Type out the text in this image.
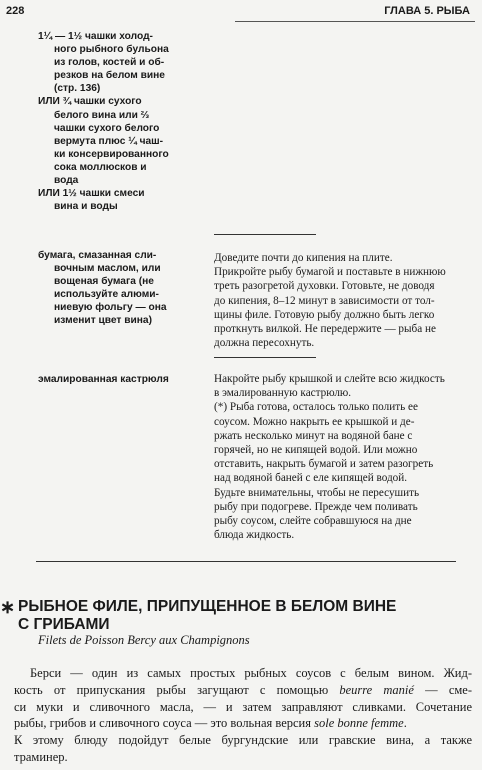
228	ГЛАВА 5. РЫБА
1¼ — 1½ чашки холод-
ного рыбного бульона
из голов, костей и об-
резков на белом вине
(стр. 136)
ИЛИ ¾ чашки сухого
белого вина или ⅔
чашки сухого белого
вермута плюс ¼ чаш-
ки консервированного
сока моллюсков и
вода
ИЛИ 1½ чашки смеси
вина и воды
бумага, смазанная сли-
вочным маслом, или
вощеная бумага (не
используйте алюми-
ниевую фольгу — она
изменит цвет вина)
Доведите почти до кипения на плите.
Прикройте рыбу бумагой и поставьте в нижнюю
треть разогретой духовки. Готовьте, не доводя
до кипения, 8–12 минут в зависимости от тол-
щины филе. Готовую рыбу должно быть легко
проткнуть вилкой. Не передержите — рыба не
должна пересохнуть.
эмалированная кастрюля	Накройте рыбу крышкой и слейте всю жидкость
в эмалированную кастрюлю.
(*) Рыба готова, осталось только полить ее
соусом. Можно накрыть ее крышкой и де-
ржать несколько минут на водяной бане с
горячей, но не кипящей водой. Или можно
отставить, накрыть бумагой и затем разогреть
над водяной баней с еле кипящей водой.
Будьте внимательны, чтобы не пересушить
рыбу при подогреве. Прежде чем поливать
рыбу соусом, слейте собравшуюся на дне
блюда жидкость.
∗ РЫБНОЕ ФИЛЕ, ПРИПУЩЕННОЕ В БЕЛОМ ВИНЕ
С ГРИБАМИ
Filets de Poisson Bercy aux Champignons
Берси — один из самых простых рыбных соусов с белым вином. Жид-
кость от припускания рыбы загущают с помощью beurre manié — сме-
си муки и сливочного масла, — и затем заправляют сливками. Сочетание
рыбы, грибов и сливочного соуса — это вольная версия sole bonne femme.
К этому блюду подойдут белые бургундские или гравские вина, а также
траминер.
